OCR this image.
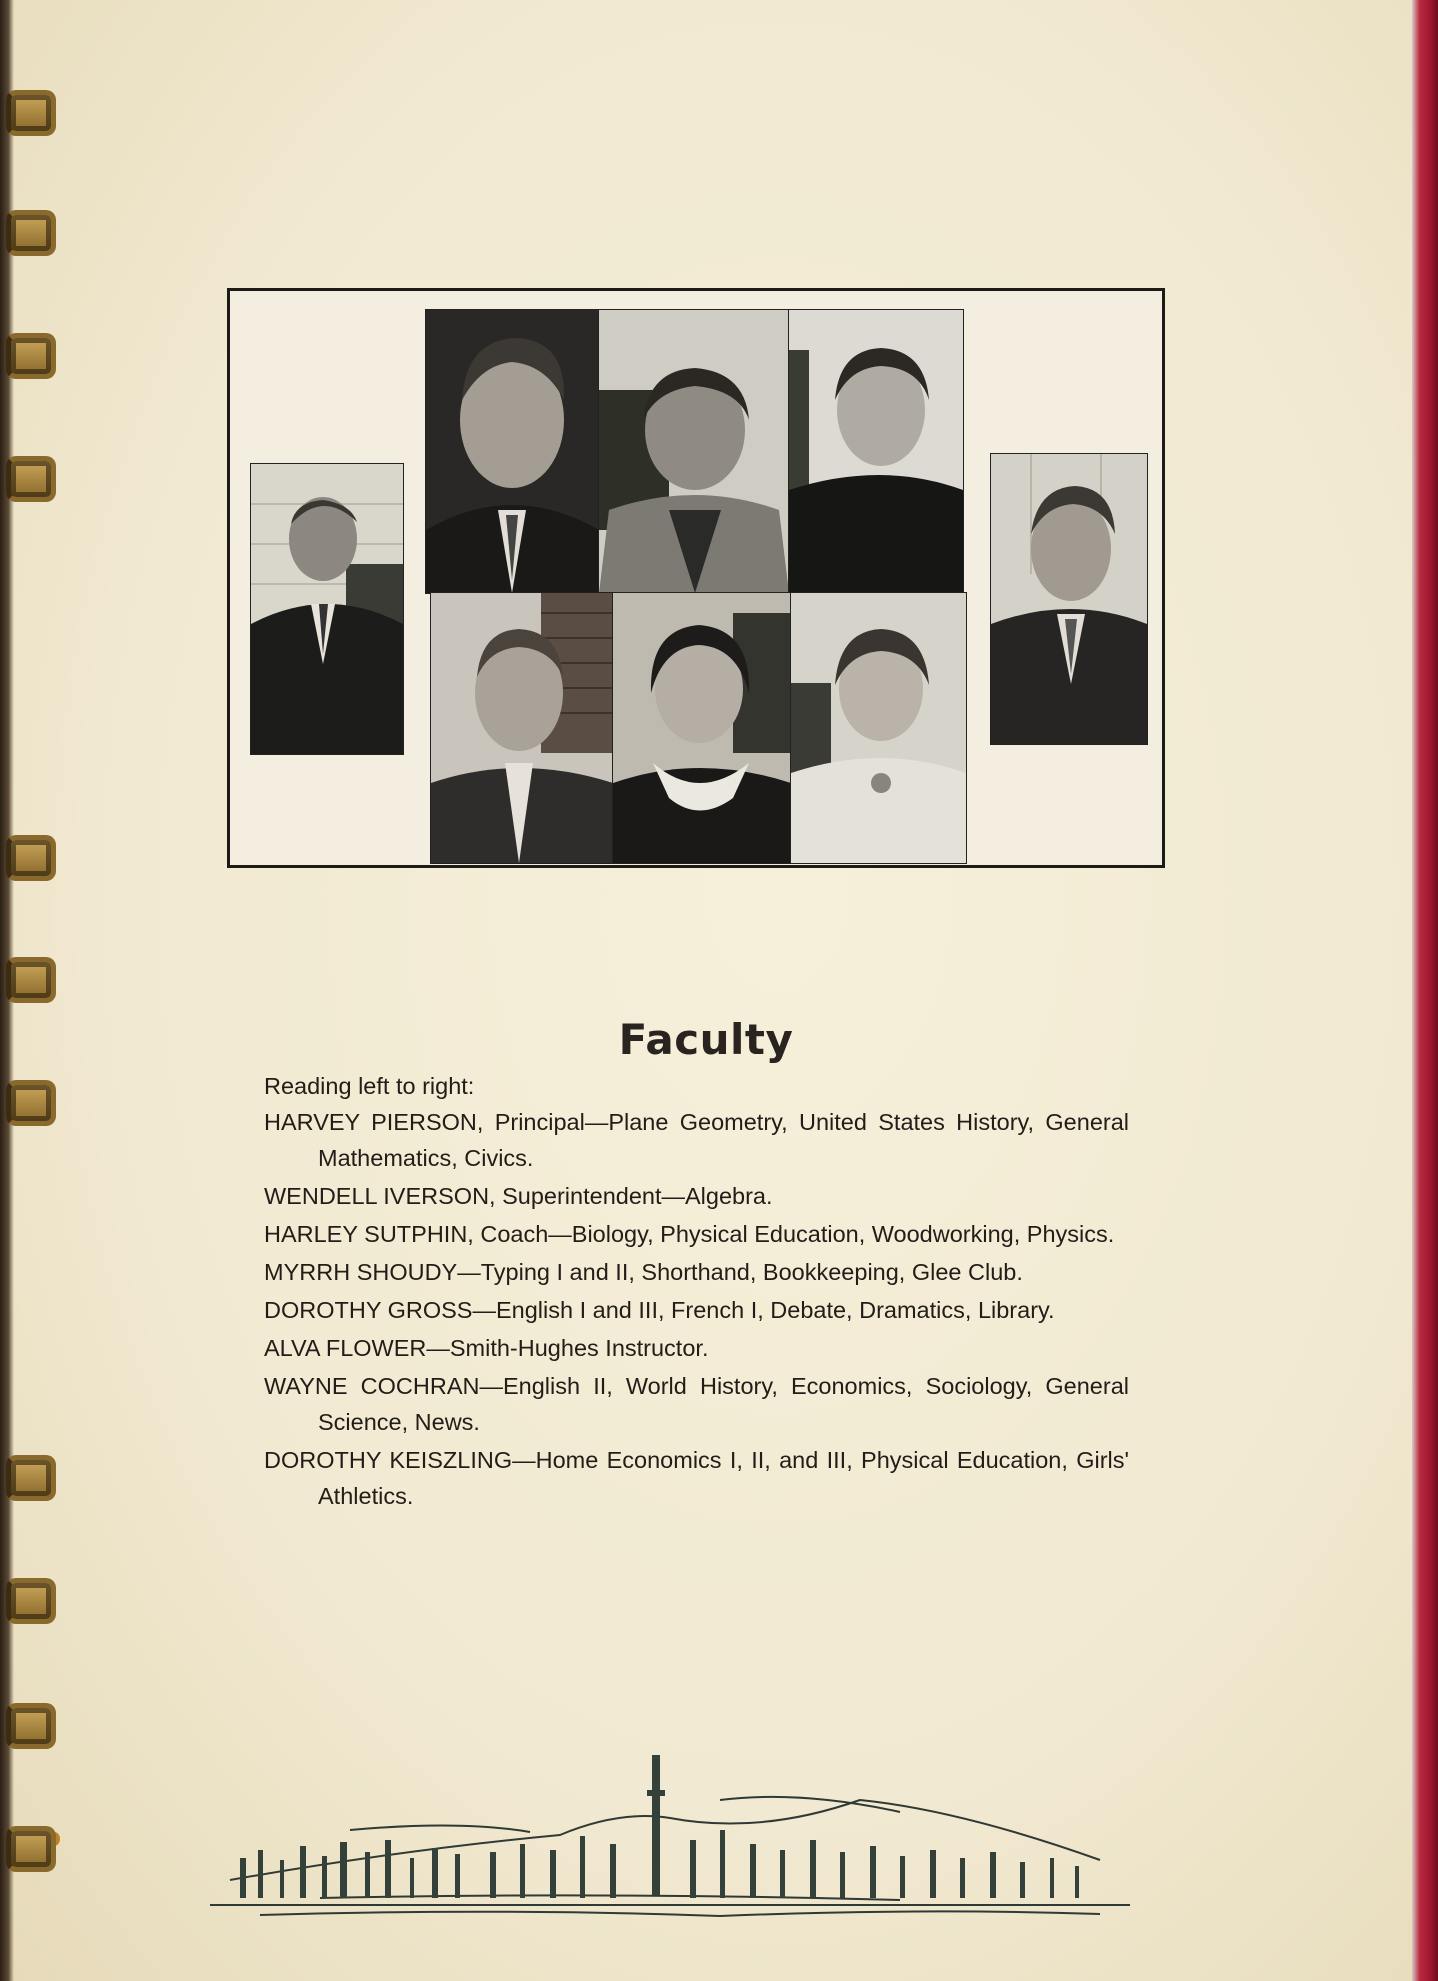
Faculty
Reading left to right:
HARVEY PIERSON, Principal—Plane Geometry, United States History, General Mathematics, Civics.
WENDELL IVERSON, Superintendent—Algebra.
HARLEY SUTPHIN, Coach—Biology, Physical Education, Woodworking, Physics.
MYRRH SHOUDY—Typing I and II, Shorthand, Bookkeeping, Glee Club.
DOROTHY GROSS—English I and III, French I, Debate, Dramatics, Library.
ALVA FLOWER—Smith-Hughes Instructor.
WAYNE COCHRAN—English II, World History, Economics, Sociology, General Science, News.
DOROTHY KEISZLING—Home Economics I, II, and III, Physical Education, Girls' Athletics.
